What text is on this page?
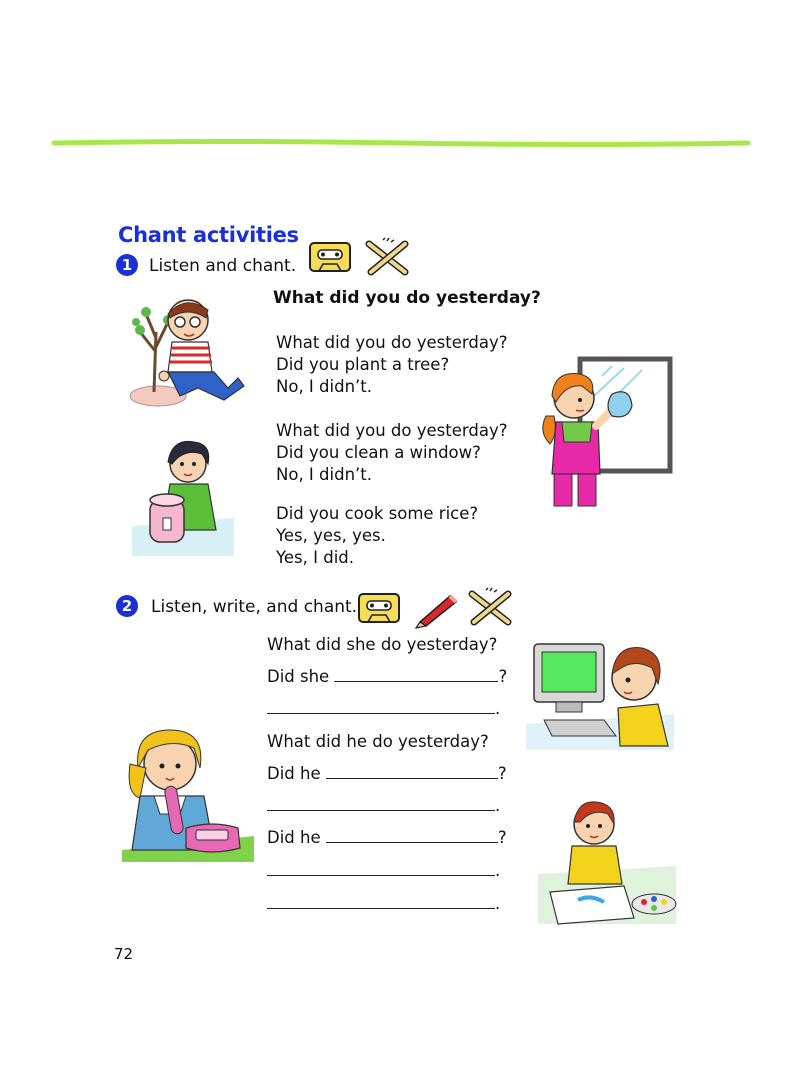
Chant activities
1 Listen and chant.
What did you do yesterday?
What did you do yesterday?
Did you plant a tree?
No, I didn’t.
What did you do yesterday?
Did you clean a window?
No, I didn’t.
Did you cook some rice?
Yes, yes, yes.
Yes, I did.
2	Listen, write, and chant.
What did she do yesterday?
Did she	?
.
What did he do yesterday?
Did he	?
.
Did he	?
.
.
72
